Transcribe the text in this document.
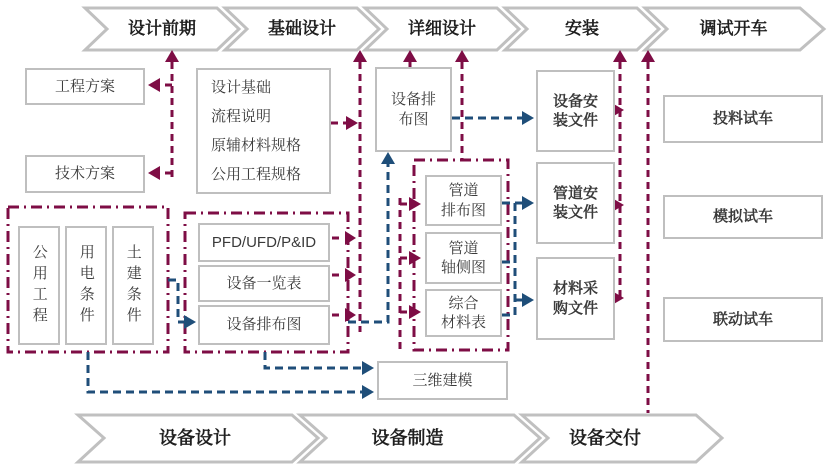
设计前期	基础设计	详细设计	安装	调试开车
设备设计	设备制造	设备交付
工程方案
技术方案
设计基础
流程说明
原辅材料规格
公用工程规格
公用工程	用电条件	土建条件
PFD/UFD/P&ID
设备一览表
设备排布图
设备排
布图
管道
排布图
管道
轴侧图
综合
材料表
设备安
装文件
管道安
装文件
材料采
购文件
投料试车
模拟试车
联动试车
三维建模
